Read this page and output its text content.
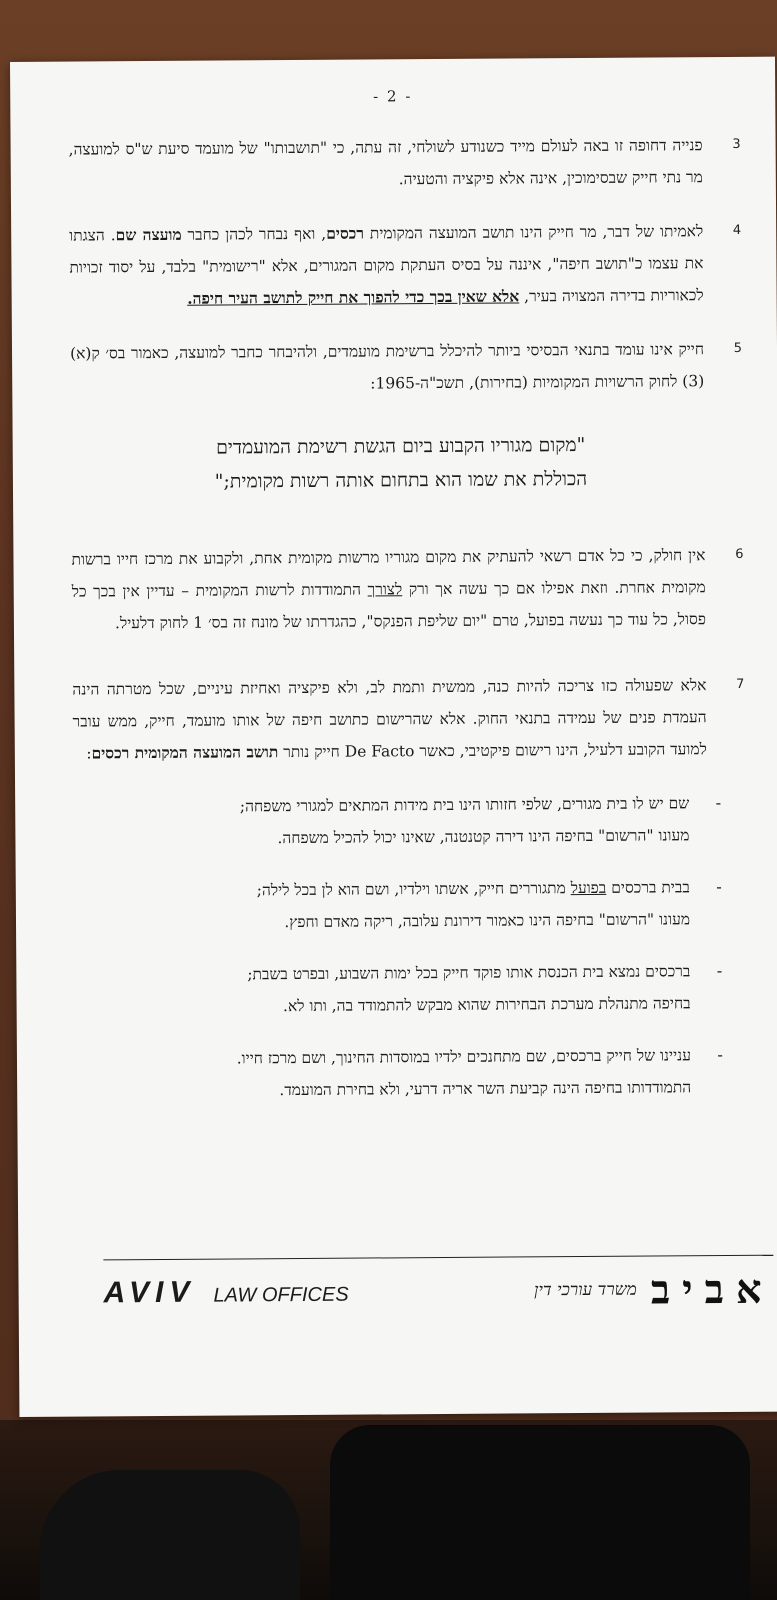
- 2 -
3
פנייה דחופה זו באה לעולם מייד כשנודע לשולחי, זה עתה, כי "תושבותו" של מועמד סיעת ש"ס למועצה, מר נתי חייק שבסימוכין, אינה אלא פיקציה והטעיה.
4
לאמיתו של דבר, מר חייק הינו תושב המועצה המקומית רכסים, ואף נבחר לכהן כחבר מועצה שם. הצגתו את עצמו כ"תושב חיפה", איננה על בסיס העתקת מקום המגורים, אלא "רישומית" בלבד, על יסוד זכויות לכאוריות בדירה המצויה בעיר, אלא שאין בכך כדי להפוך את חייק לתושב העיר חיפה.
5
חייק אינו עומד בתנאי הבסיסי ביותר להיכלל ברשימת מועמדים, ולהיבחר כחבר למועצה, כאמור בס׳ ק(א)(3) לחוק הרשויות המקומיות (בחירות), תשכ"ה-1965:
"מקום מגוריו הקבוע ביום הגשת רשימת המועמדים
הכוללת את שמו הוא בתחום אותה רשות מקומית;"
6
אין חולק, כי כל אדם רשאי להעתיק את מקום מגוריו מרשות מקומית אחת, ולקבוע את מרכז חייו ברשות מקומית אחרת. וזאת אפילו אם כך עשה אך ורק לצורך התמודדות לרשות המקומית – עדיין אין בכך כל פסול, כל עוד כך נעשה בפועל, טרם "יום שליפת הפנקס", כהגדרתו של מונח זה בס׳ 1 לחוק דלעיל.
7
אלא שפעולה כזו צריכה להיות כנה, ממשית ותמת לב, ולא פיקציה ואחיזת עיניים, שכל מטרתה הינה העמדת פנים של עמידה בתנאי החוק. אלא שהרישום כתושב חיפה של אותו מועמד, חייק, ממש עובר למועד הקובע דלעיל, הינו רישום פיקטיבי, כאשר De Facto חייק נותר תושב המועצה המקומית רכסים:
-
שם יש לו בית מגורים, שלפי חזותו הינו בית מידות המתאים למגורי משפחה;
מעונו "הרשום" בחיפה הינו דירה קטנטנה, שאינו יכול להכיל משפחה.
-
בבית ברכסים בפועל מתגוררים חייק, אשתו וילדיו, ושם הוא לן בכל לילה;
מעונו "הרשום" בחיפה הינו כאמור דירונת עלובה, ריקה מאדם וחפץ.
-
ברכסים נמצא בית הכנסת אותו פוקד חייק בכל ימות השבוע, ובפרט בשבת;
בחיפה מתנהלת מערכת הבחירות שהוא מבקש להתמודד בה, ותו לא.
-
עניינו של חייק ברכסים, שם מתחנכים ילדיו במוסדות החינוך, ושם מרכז חייו.
התמודדותו בחיפה הינה קביעת השר אריה דרעי, ולא בחירת המועמד.
AVIV LAW OFFICES	משרד עורכי דין אביב
